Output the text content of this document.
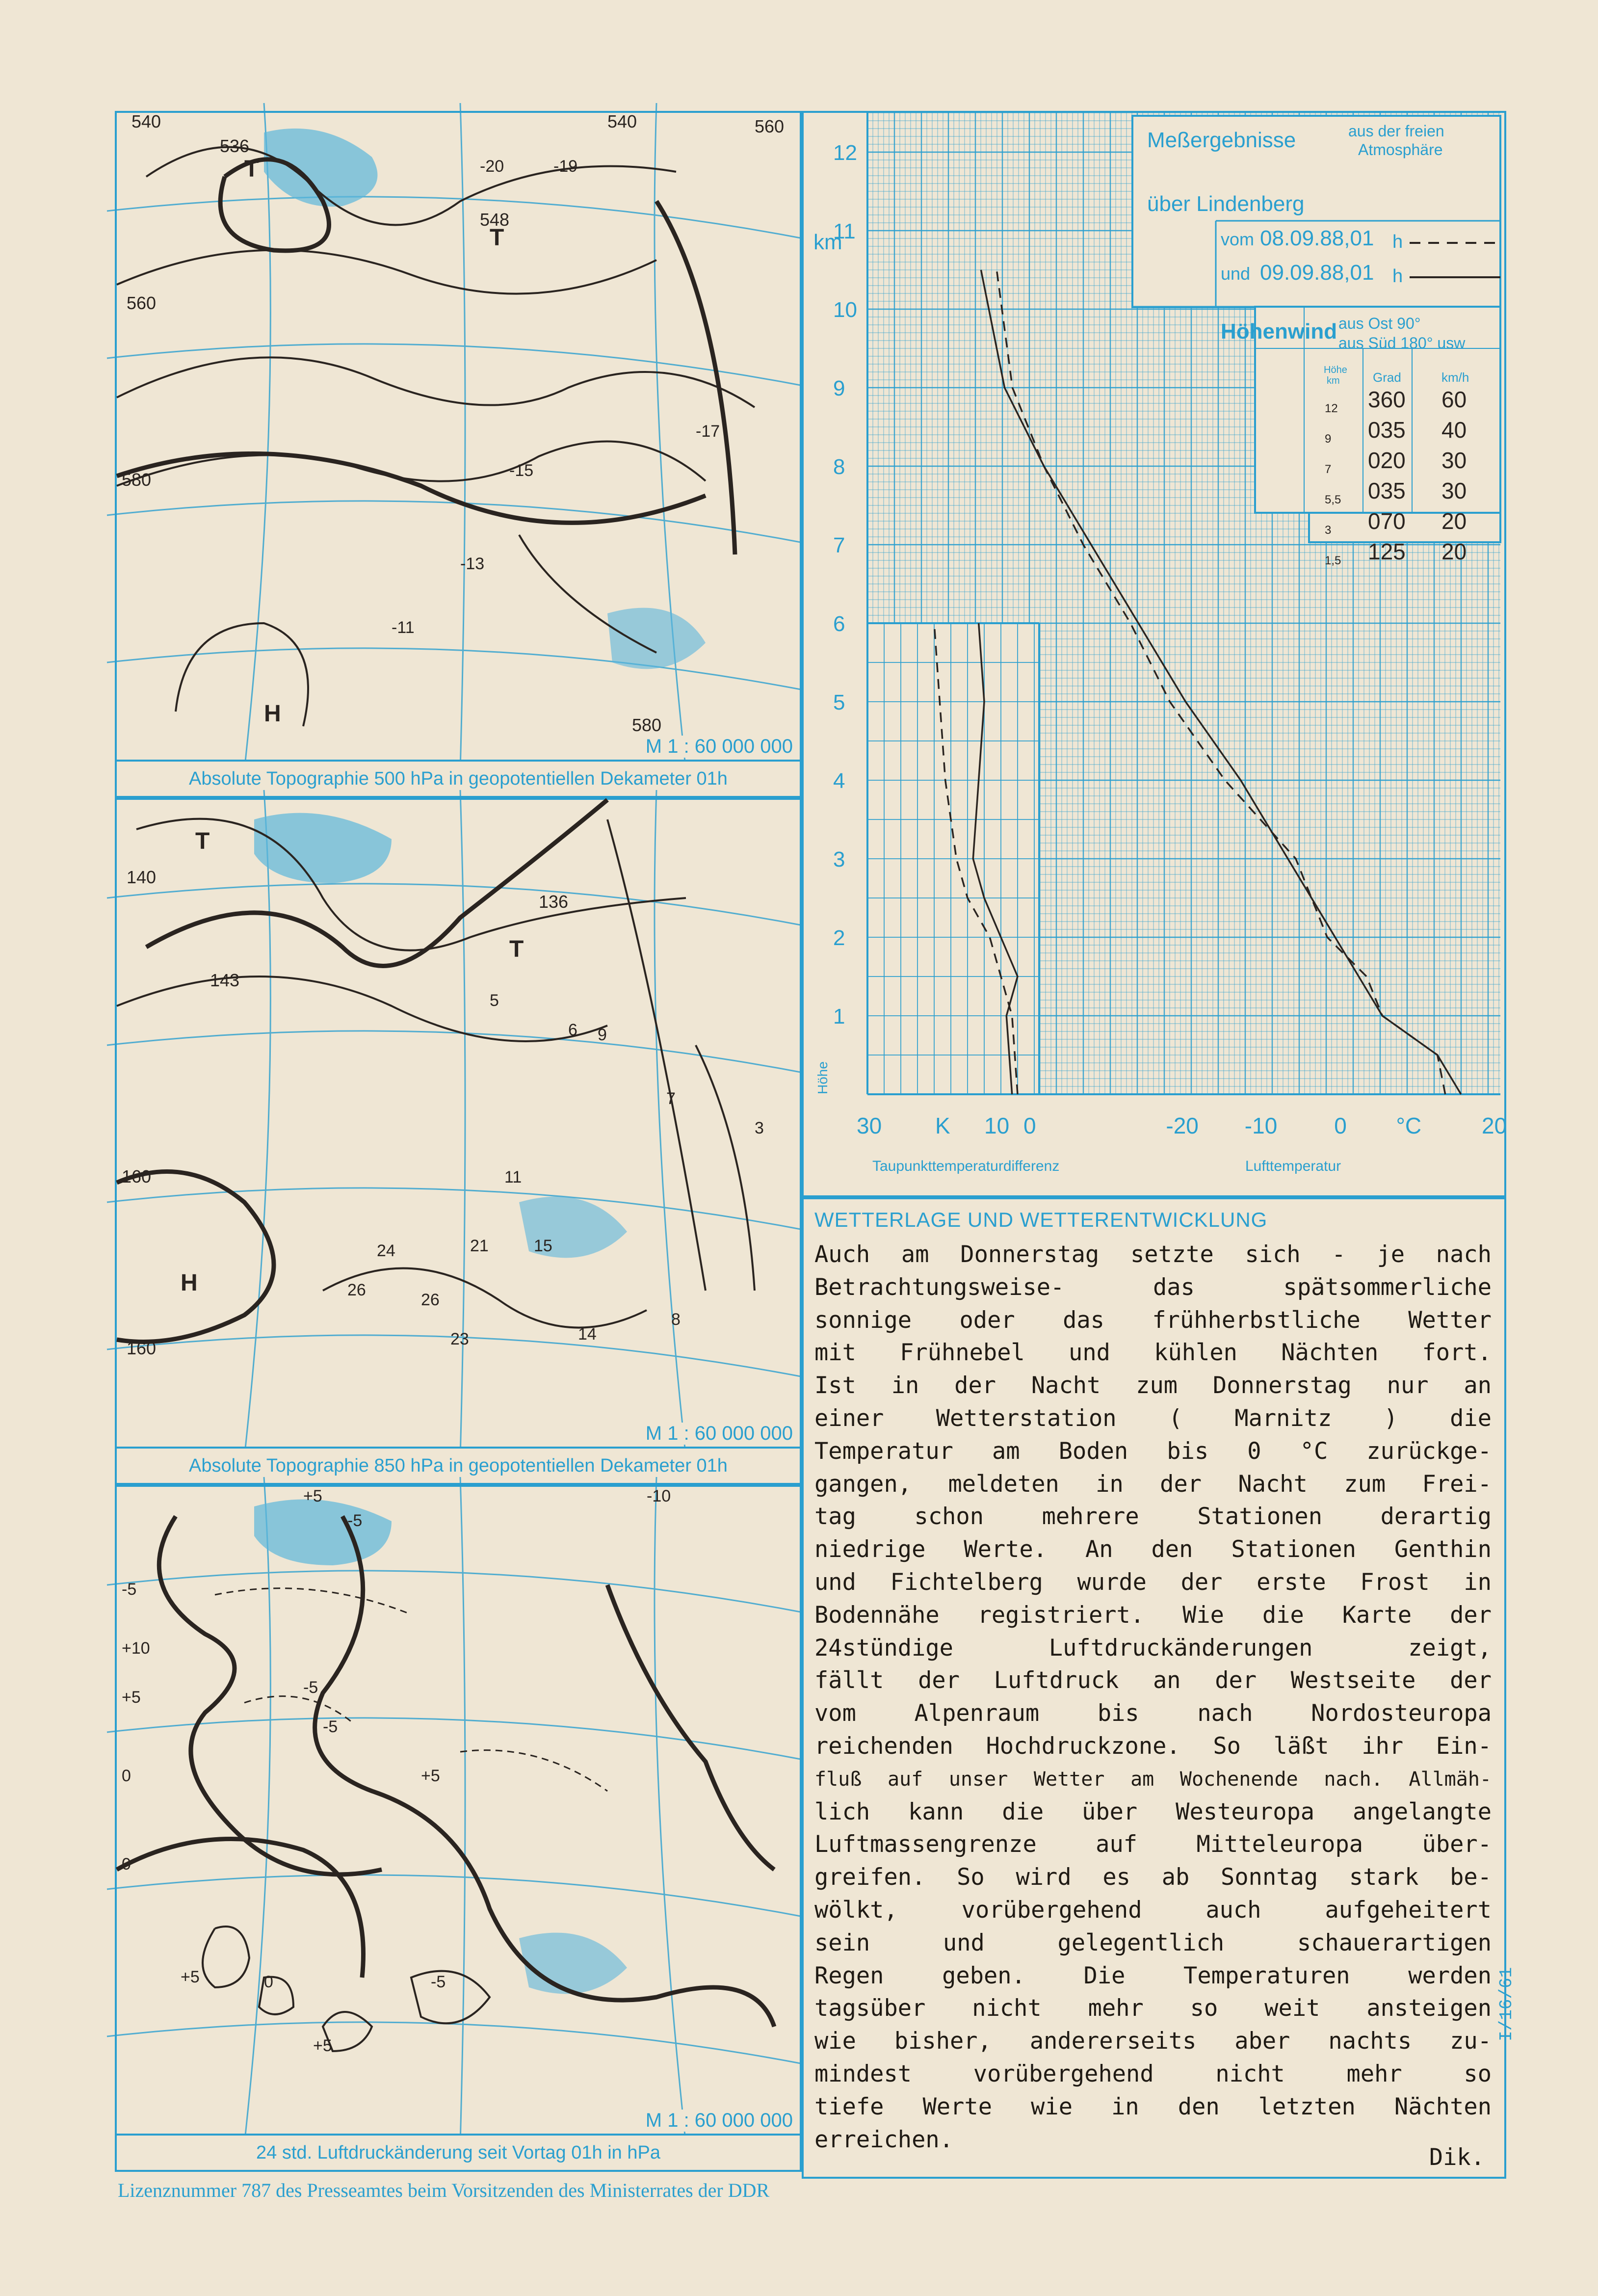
540
536
540	560
548
560
580
580
-11
-13
-15
-17
-19
-20
T
T
H
M 1 : 60 000 000
Absolute Topographie 500 hPa in geopotentiellen Dekameter 01h
140
136
143
160
160
24
26
26
23
21
11
15
14
8
9
7
6
5
3
T
T
H
M 1 : 60 000 000
Absolute Topographie 850 hPa in geopotentiellen Dekameter 01h
+5
-5
-10
-5
+10
+5
0
-5
-5
+5
0
+5	0
+5
-5
M 1 : 60 000 000
24 std. Luftdruckänderung seit Vortag 01h in hPa
1
2
3
4
5
6
7
8
9
10
11
12
30 K 10 0	-20 -10	0 °C	20
Meßergebnisse	aus der freien
Atmosphäre
über Lindenberg
vom 08.09.88,01 h
und 09.09.88,01 h
Höhenwind aus Ost 90°
aus Süd 180° usw
Höhe
km	Grad	km/h
12 360 60
9 035 40
7 020 30
5,5 035 30
3 070 20
1,5 125 20
km
Höhe
Taupunkttemperaturdifferenz	Lufttemperatur
WETTERLAGE UND WETTERENTWICKLUNG
Auch am Donnerstag setzte sich - je nach
Betrachtungsweise- das spätsommerliche
sonnige oder das frühherbstliche Wetter
mit Frühnebel und kühlen Nächten fort.
Ist in der Nacht zum Donnerstag nur an
einer Wetterstation ( Marnitz ) die
Temperatur am Boden bis 0 °C zurückge-
gangen, meldeten in der Nacht zum Frei-
tag schon mehrere Stationen derartig
niedrige Werte. An den Stationen Genthin
und Fichtelberg wurde der erste Frost in
Bodennähe registriert. Wie die Karte der
24stündige Luftdruckänderungen zeigt,
fällt der Luftdruck an der Westseite der
vom Alpenraum bis nach Nordosteuropa
reichenden Hochdruckzone. So läßt ihr Ein-
fluß auf unser Wetter am Wochenende nach. Allmäh-
lich kann die über Westeuropa angelangte
Luftmassengrenze auf Mitteleuropa über-
greifen. So wird es ab Sonntag stark be-
wölkt, vorübergehend auch aufgeheitert
sein und gelegentlich schauerartigen
Regen geben. Die Temperaturen werden
tagsüber nicht mehr so weit ansteigen
wie bisher, andererseits aber nachts zu-
mindest vorübergehend nicht mehr so
tiefe Werte wie in den letzten Nächten
erreichen.
Dik.
Lizenznummer 787 des Presseamtes beim Vorsitzenden des Ministerrates der DDR
I/16/61
